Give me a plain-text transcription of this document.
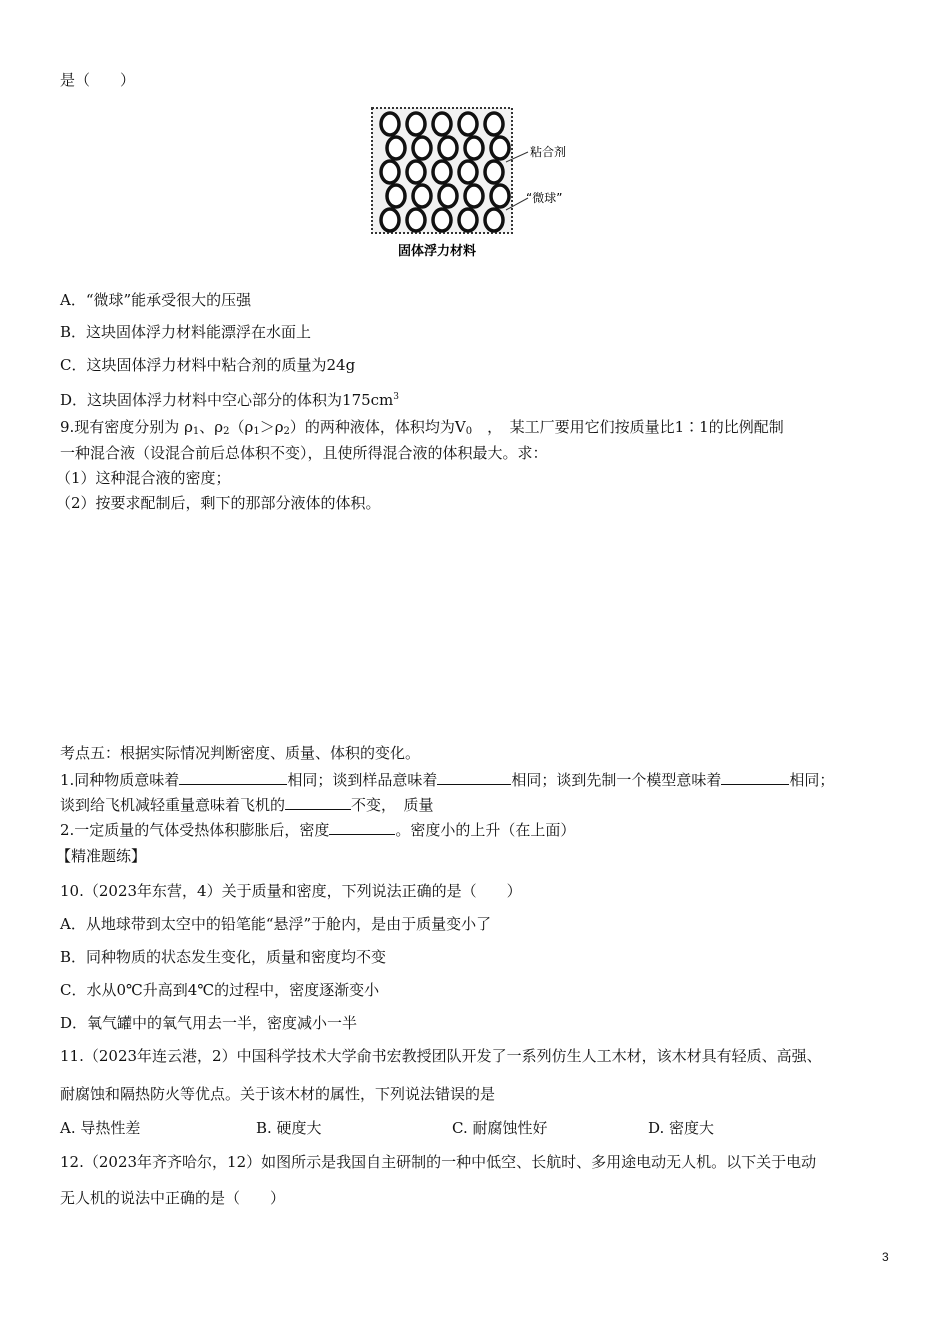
是（　　）
粘合剂
“微球”
固体浮力材料
A．“微球”能承受很大的压强
B．这块固体浮力材料能漂浮在水面上
C．这块固体浮力材料中粘合剂的质量为24g
D．这块固体浮力材料中空心部分的体积为$175cm^3$
9.现有密度分别为 $\rho_1$、$\rho_2(\rho_1>\rho_2)$的两种液体，体积均为$V_0$　，　某工厂要用它们按质量比1∶1的比例配制
一种混合液（设混合前后总体积不变），且使所得混合液的体积最大。求：
（1）这种混合液的密度；
（2）按要求配制后，剩下的那部分液体的体积。
考点五：根据实际情况判断密度、质量、体积的变化。
1.同种物质意味着	相同；谈到样品意味着	相同；谈到先制一个模型意味着	相同；
谈到给飞机减轻重量意味着飞机的	不变，　质量
2.一定质量的气体受热体积膨胀后，密度	。密度小的上升（在上面）
【精准题练】
10.（2023年东营，4）关于质量和密度，下列说法正确的是（　　）
A．从地球带到太空中的铅笔能“悬浮”于舱内，是由于质量变小了
B．同种物质的状态发生变化，质量和密度均不变
C．水从0℃升高到4℃的过程中，密度逐渐变小
D．氧气罐中的氧气用去一半，密度减小一半
11.（2023年连云港，2）中国科学技术大学俞书宏教授团队开发了一系列仿生人工木材，该木材具有轻质、高强、
耐腐蚀和隔热防火等优点。关于该木材的属性，下列说法错误的是
A. 导热性差	B. 硬度大	C. 耐腐蚀性好	D. 密度大
12.（2023年齐齐哈尔，12）如图所示是我国自主研制的一种中低空、长航时、多用途电动无人机。以下关于电动
无人机的说法中正确的是（　　）
3
